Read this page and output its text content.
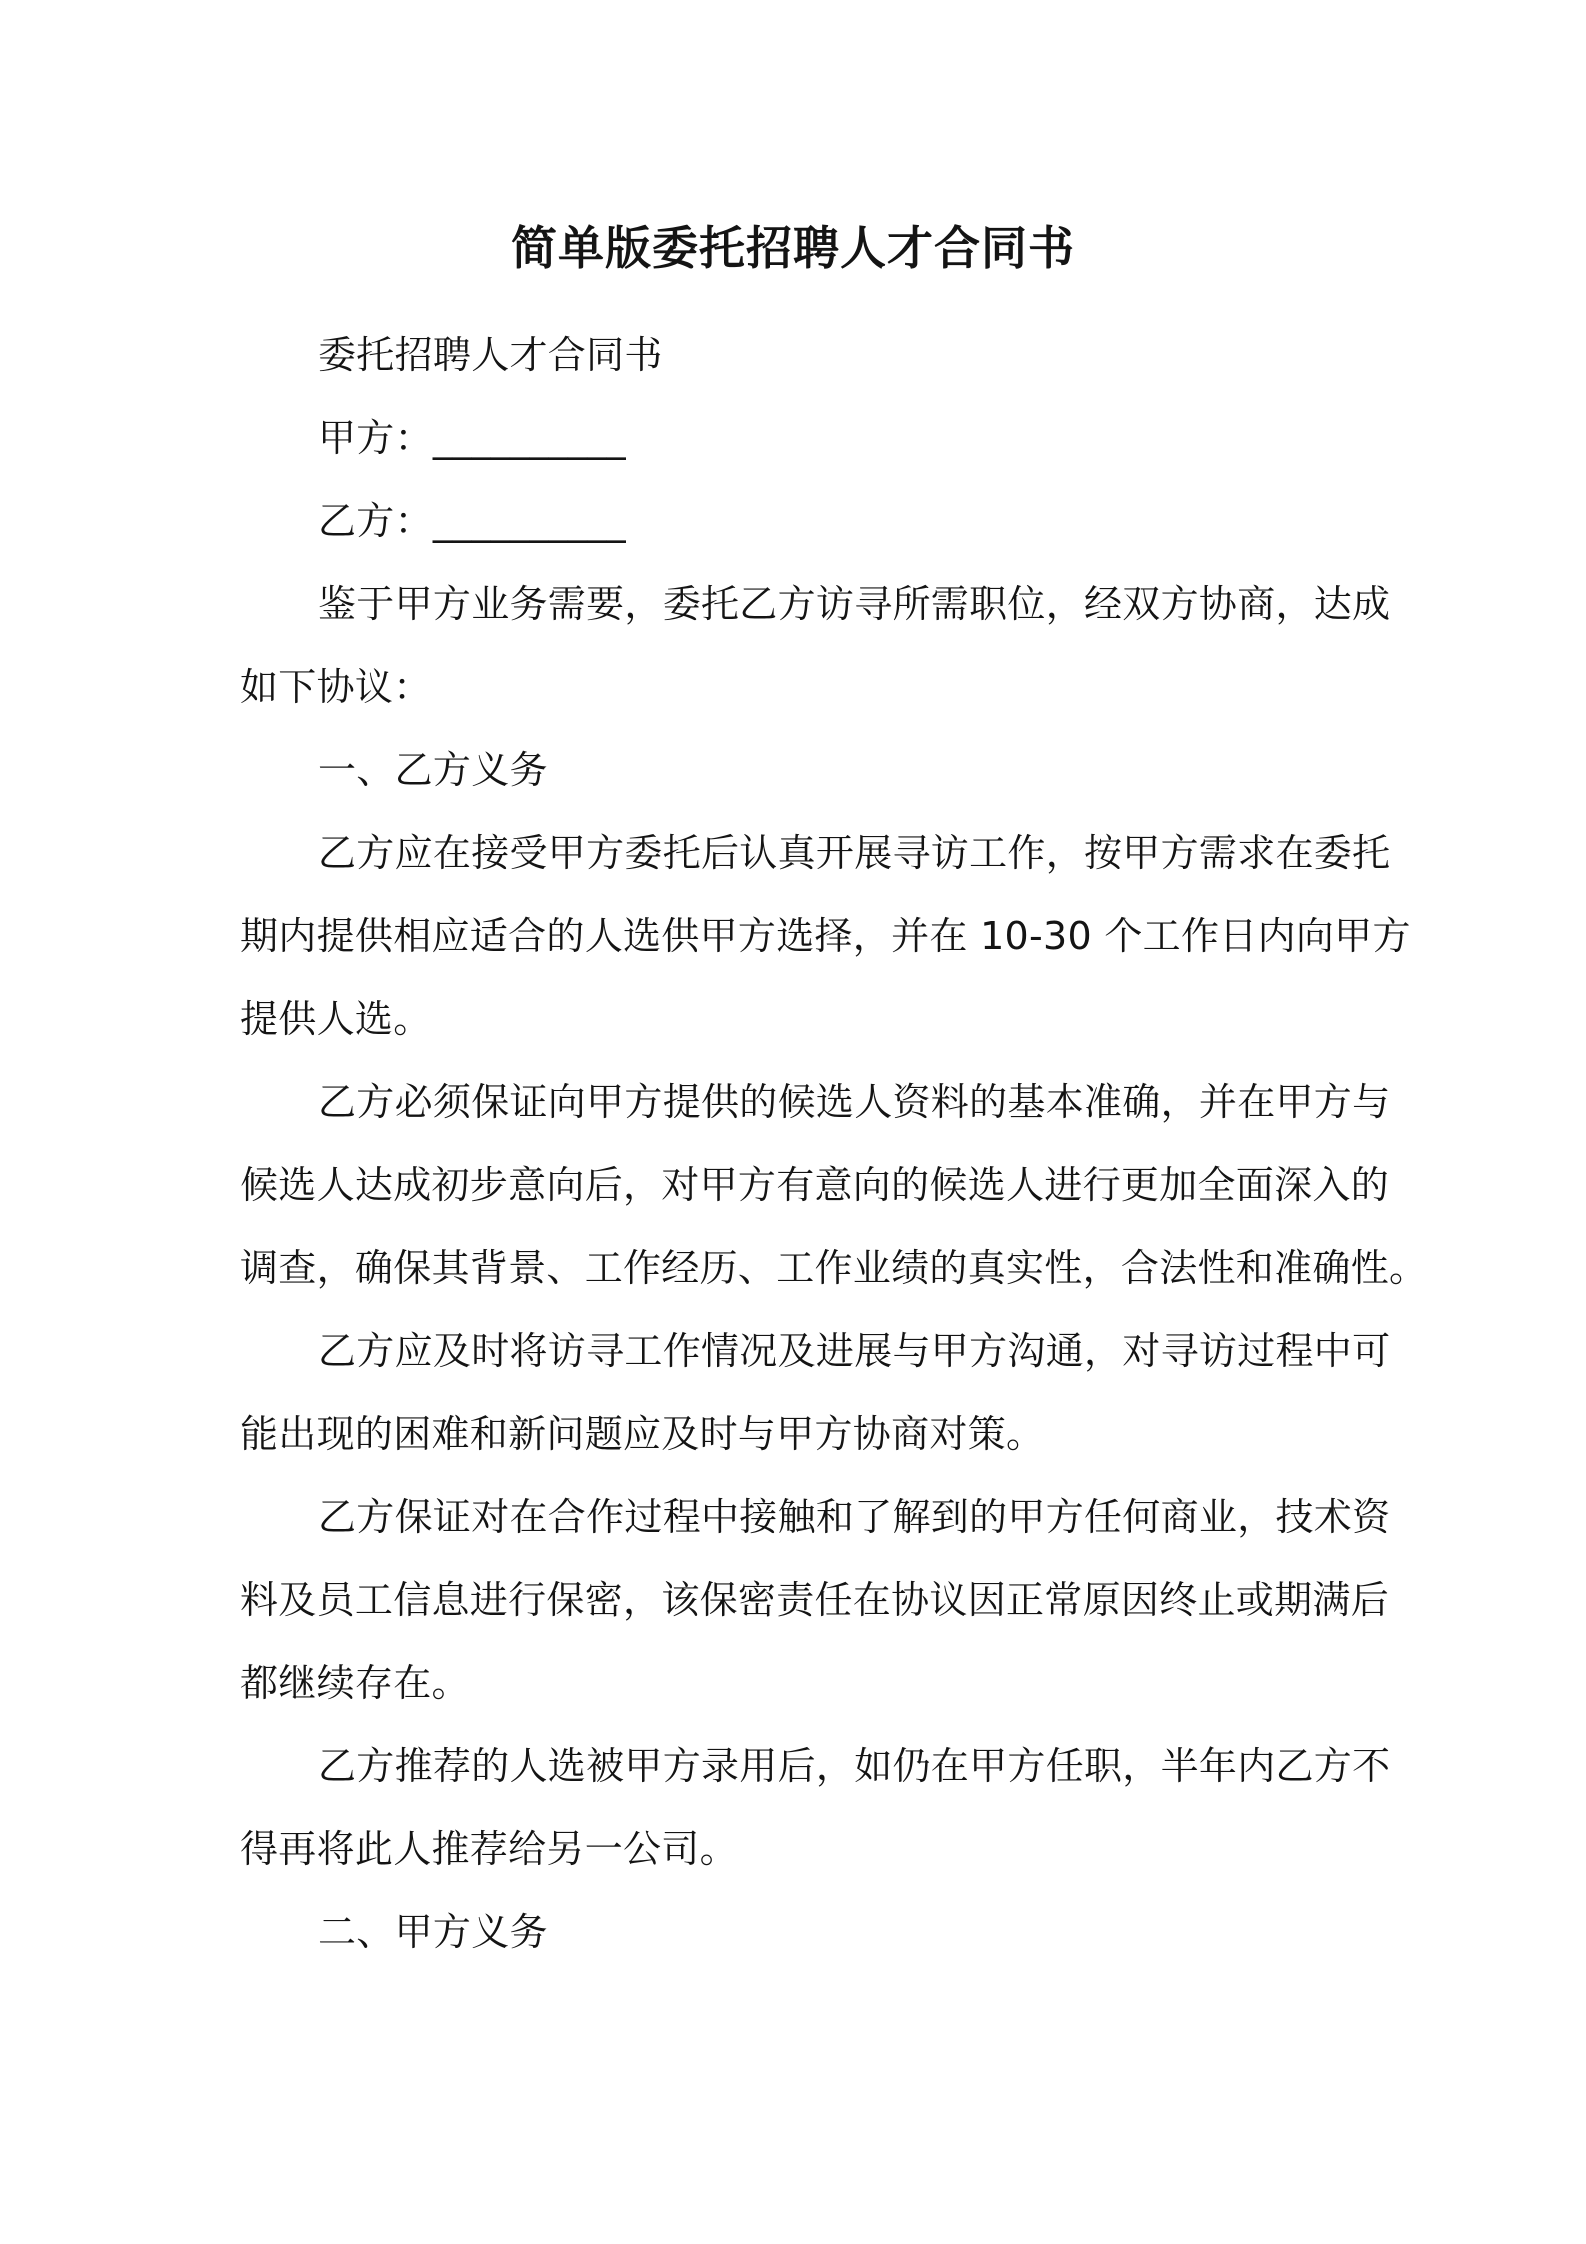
简单版委托招聘人才合同书
委托招聘人才合同书
甲方：__________
乙方：__________
鉴于甲方业务需要，委托乙方访寻所需职位，经双方协商，达成
如下协议：
一、乙方义务
乙方应在接受甲方委托后认真开展寻访工作，按甲方需求在委托
期内提供相应适合的人选供甲方选择，并在 10-30 个工作日内向甲方
提供人选。
乙方必须保证向甲方提供的候选人资料的基本准确，并在甲方与
候选人达成初步意向后，对甲方有意向的候选人进行更加全面深入的
调查，确保其背景、工作经历、工作业绩的真实性，合法性和准确性。
乙方应及时将访寻工作情况及进展与甲方沟通，对寻访过程中可
能出现的困难和新问题应及时与甲方协商对策。
乙方保证对在合作过程中接触和了解到的甲方任何商业，技术资
料及员工信息进行保密，该保密责任在协议因正常原因终止或期满后
都继续存在。
乙方推荐的人选被甲方录用后，如仍在甲方任职，半年内乙方不
得再将此人推荐给另一公司。
二、甲方义务
